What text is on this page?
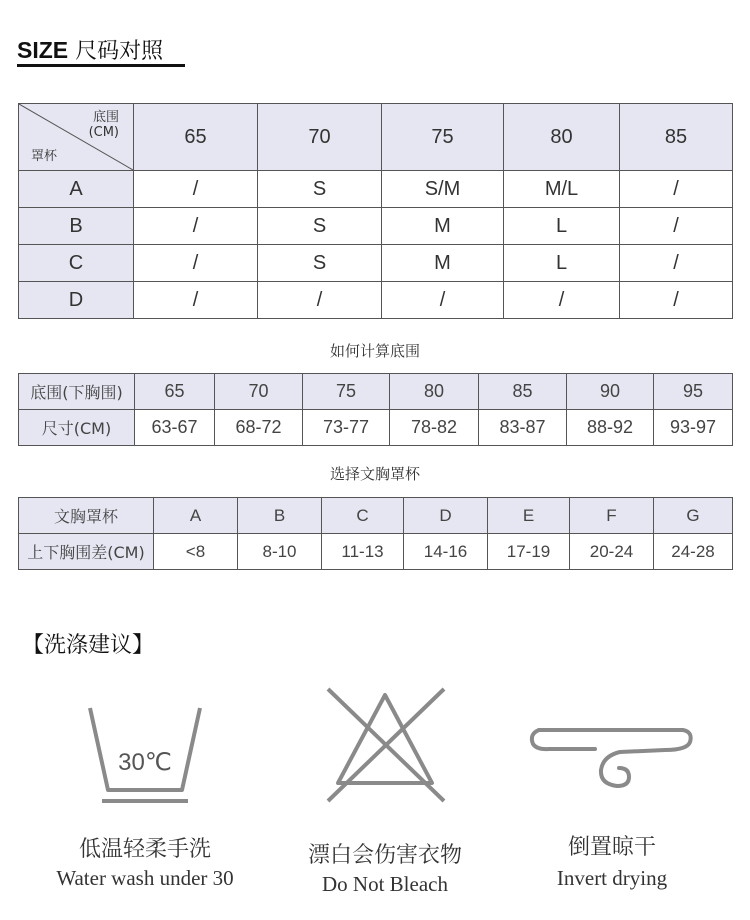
SIZE 尺码对照
底围
(CM)
罩杯	65	70	75	80	85
A	/	S	S/M	M/L	/
B	/	S	M	L	/
C	/	S	M	L	/
D	/	/	/	/	/
如何计算底围
底围(下胸围)	65	70	75	80	85	90	95
尺寸(CM)	63-67	68-72	73-77	78-82	83-87	88-92	93-97
选择文胸罩杯
文胸罩杯	A	B	C	D	E	F	G
上下胸围差(CM)	<8	8-10	11-13	14-16	17-19	20-24	24-28
【洗涤建议】
30℃
低温轻柔手洗
Water wash under 30
漂白会伤害衣物
Do Not Bleach
倒置晾干
Invert drying
